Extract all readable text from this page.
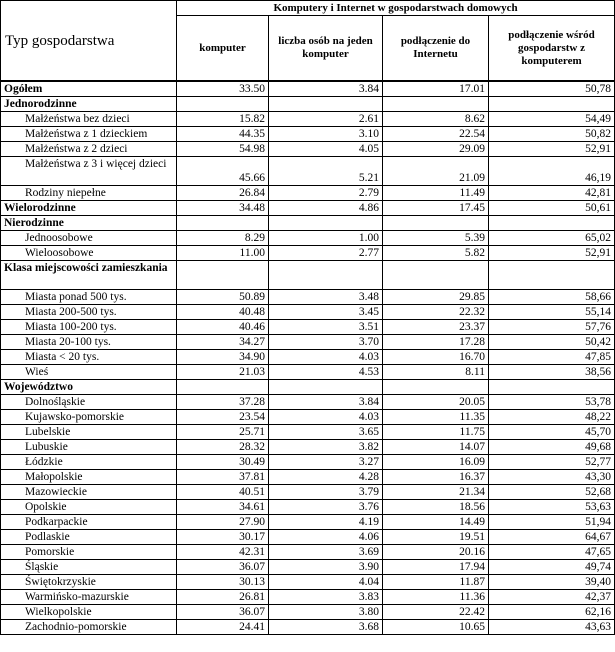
Typ gospodarstwa	Komputery i Internet w gospodarstwach domowych			
	komputer	liczba osób na jeden komputer	podłączenie do Internetu	podłączenie wśród gospodarstw z komputerem
Ogółem	33.50	3.84	17.01	50,78
Jednorodzinne				
Małżeństwa bez dzieci	15.82	2.61	8.62	54,49
Małżeństwa z 1 dzieckiem	44.35	3.10	22.54	50,82
Małżeństwa z 2 dzieci	54.98	4.05	29.09	52,91
Małżeństwa z 3 i więcej dzieci	45.66	5.21	21.09	46,19
Rodziny niepełne	26.84	2.79	11.49	42,81
Wielorodzinne	34.48	4.86	17.45	50,61
Nierodzinne				
Jednoosobowe	8.29	1.00	5.39	65,02
Wieloosobowe	11.00	2.77	5.82	52,91
Klasa miejscowości zamieszkania				
Miasta ponad 500 tys.	50.89	3.48	29.85	58,66
Miasta 200-500 tys.	40.48	3.45	22.32	55,14
Miasta 100-200 tys.	40.46	3.51	23.37	57,76
Miasta 20-100 tys.	34.27	3.70	17.28	50,42
Miasta < 20 tys.	34.90	4.03	16.70	47,85
Wieś	21.03	4.53	8.11	38,56
Województwo				
Dolnośląskie	37.28	3.84	20.05	53,78
Kujawsko-pomorskie	23.54	4.03	11.35	48,22
Lubelskie	25.71	3.65	11.75	45,70
Lubuskie	28.32	3.82	14.07	49,68
Łódzkie	30.49	3.27	16.09	52,77
Małopolskie	37.81	4.28	16.37	43,30
Mazowieckie	40.51	3.79	21.34	52,68
Opolskie	34.61	3.76	18.56	53,63
Podkarpackie	27.90	4.19	14.49	51,94
Podlaskie	30.17	4.06	19.51	64,67
Pomorskie	42.31	3.69	20.16	47,65
Śląskie	36.07	3.90	17.94	49,74
Świętokrzyskie	30.13	4.04	11.87	39,40
Warmińsko-mazurskie	26.81	3.83	11.36	42,37
Wielkopolskie	36.07	3.80	22.42	62,16
Zachodnio-pomorskie	24.41	3.68	10.65	43,63
